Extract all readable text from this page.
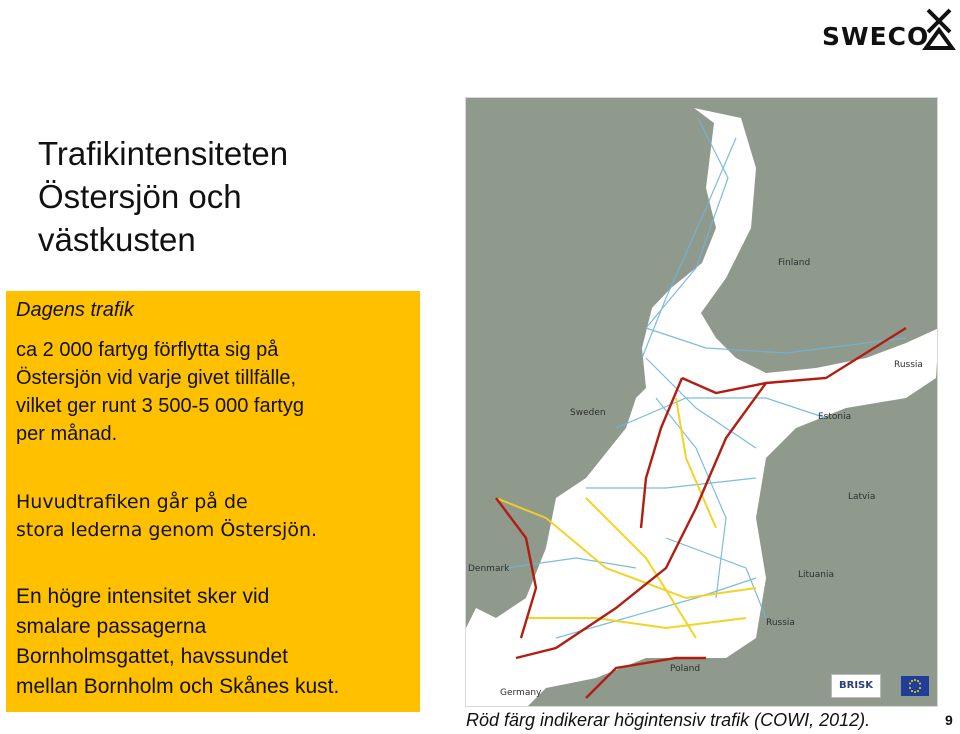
SWECO
Trafikintensiteten
Östersjön och
västkusten
Dagens trafik
ca 2 000 fartyg förflytta sig på
Östersjön vid varje givet tillfälle,
vilket ger runt 3 500-5 000 fartyg
per månad.
Huvudtrafiken går på de
stora lederna genom Östersjön.
En högre intensitet sker vid
smalare passagerna
Bornholmsgattet, havssundet
mellan Bornholm och Skånes kust.
Finland
Russia
Sweden	Estonia
Latvia
Denmark
Lituania
Russia
Poland
Germany
BRISK
Röd färg indikerar högintensiv trafik (COWI, 2012).	9
